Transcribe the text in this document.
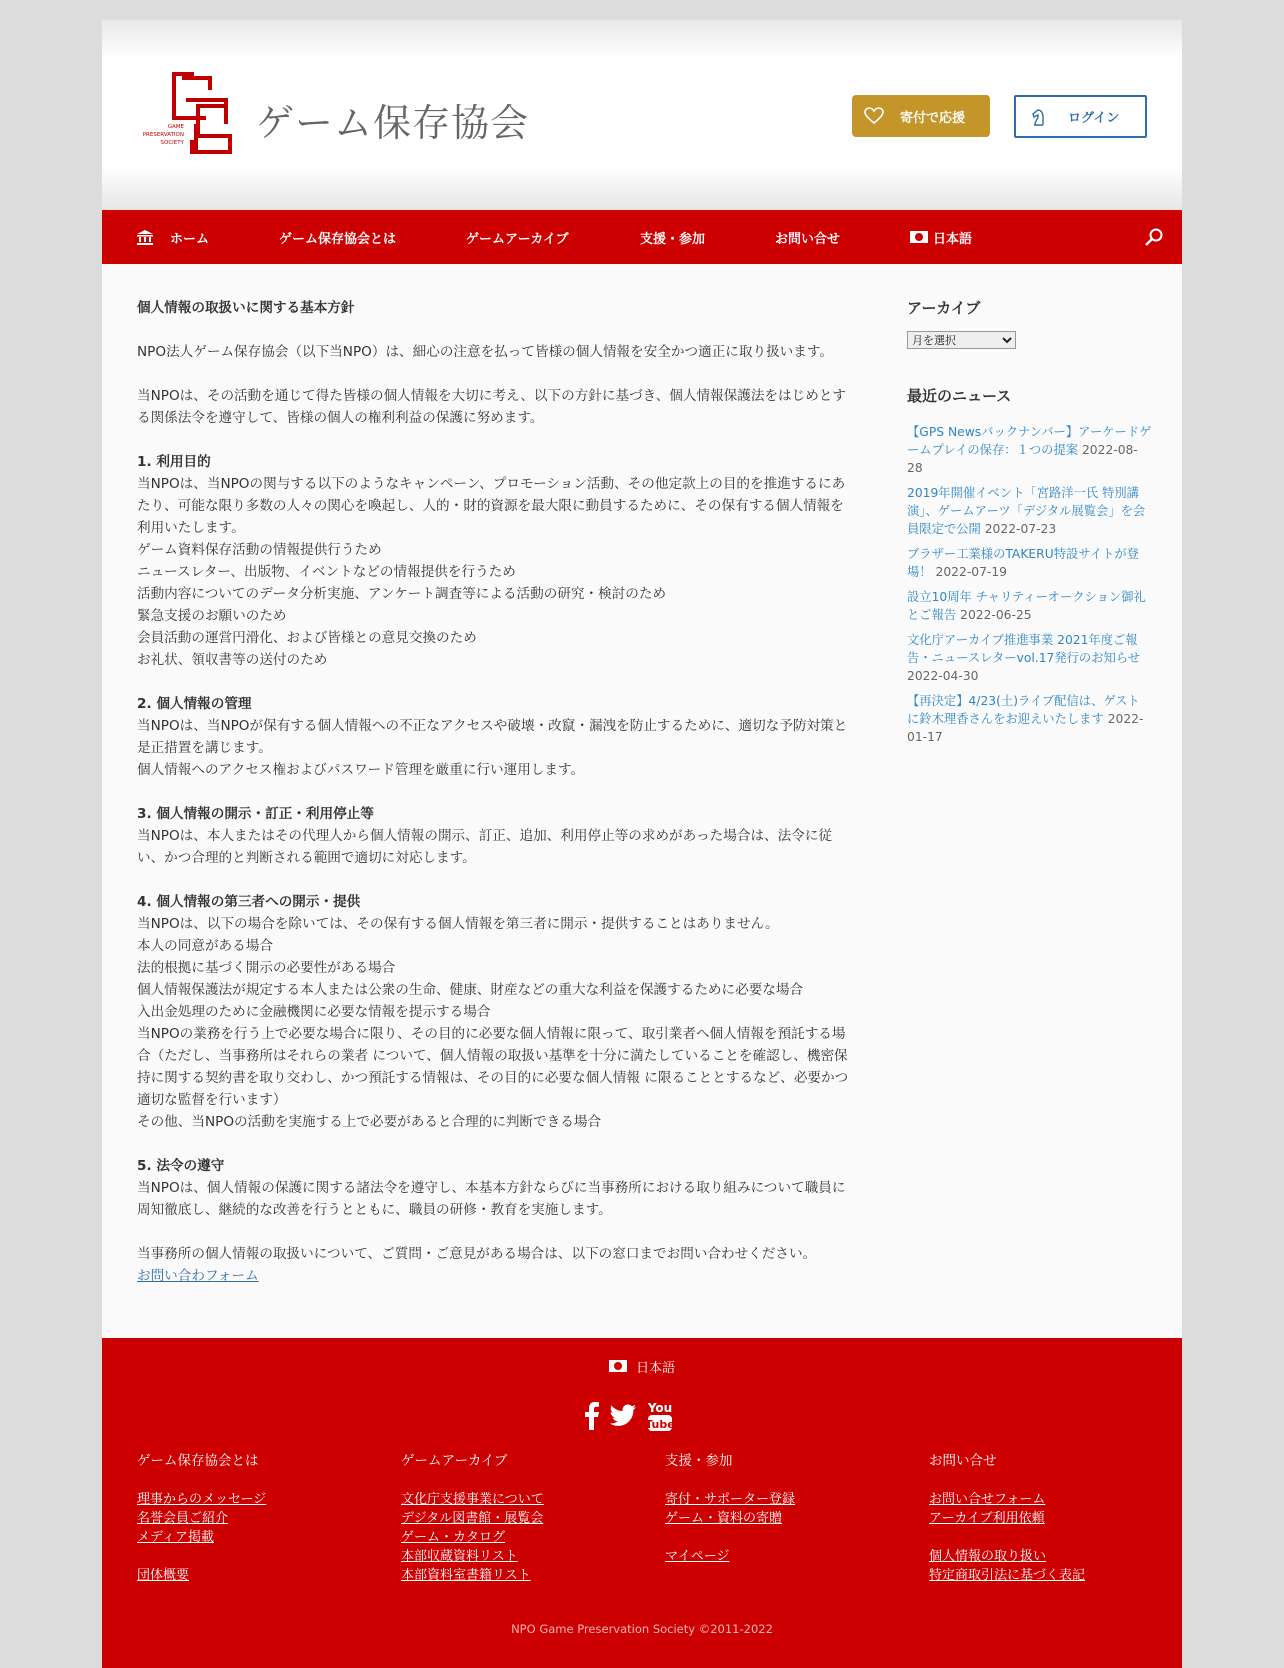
GAME
PRESERVATION
SOCIETY ゲーム保存協会	寄付で応援	ログイン
ホーム	ゲーム保存協会とは	ゲームアーカイブ	支援・参加	お問い合せ	日本語

個人情報の取扱いに関する基本方針

NPO法人ゲーム保存協会（以下当NPO）は、細心の注意を払って皆様の個人情報を安全かつ適正に取り扱います。

当NPOは、その活動を通じて得た皆様の個人情報を大切に考え、以下の方針に基づき、個人情報保護法をはじめとする関係法令を遵守して、皆様の個人の権利利益の保護に努めます。

1. 利用目的

当NPOは、当NPOの関与する以下のようなキャンペーン、プロモーション活動、その他定款上の目的を推進するにあたり、可能な限り多数の人々の関心を喚起し、人的・財的資源を最大限に動員するために、その保有する個人情報を利用いたします。

ゲーム資料保存活動の情報提供行うため

ニュースレター、出版物、イベントなどの情報提供を行うため

活動内容についてのデータ分析実施、アンケート調査等による活動の研究・検討のため

緊急支援のお願いのため

会員活動の運営円滑化、および皆様との意見交換のため

お礼状、領収書等の送付のため

2. 個人情報の管理

当NPOは、当NPOが保有する個人情報への不正なアクセスや破壊・改竄・漏洩を防止するために、適切な予防対策と是正措置を講じます。

個人情報へのアクセス権およびパスワード管理を厳重に行い運用します。

3. 個人情報の開示・訂正・利用停止等

当NPOは、本人またはその代理人から個人情報の開示、訂正、追加、利用停止等の求めがあった場合は、法令に従い、かつ合理的と判断される範囲で適切に対応します。

4. 個人情報の第三者への開示・提供

当NPOは、以下の場合を除いては、その保有する個人情報を第三者に開示・提供することはありません。

本人の同意がある場合

法的根拠に基づく開示の必要性がある場合

個人情報保護法が規定する本人または公衆の生命、健康、財産などの重大な利益を保護するために必要な場合

入出金処理のために金融機関に必要な情報を提示する場合

当NPOの業務を行う上で必要な場合に限り、その目的に必要な個人情報に限って、取引業者へ個人情報を預託する場合（ただし、当事務所はそれらの業者 について、個人情報の取扱い基準を十分に満たしていることを確認し、機密保持に関する契約書を取り交わし、かつ預託する情報は、その目的に必要な個人情報 に限ることとするなど、必要かつ適切な監督を行います）

その他、当NPOの活動を実施する上で必要があると合理的に判断できる場合

5. 法令の遵守

当NPOは、個人情報の保護に関する諸法令を遵守し、本基本方針ならびに当事務所における取り組みについて職員に周知徹底し、継続的な改善を行うとともに、職員の研修・教育を実施します。

当事務所の個人情報の取扱いについて、ご質問・ご意見がある場合は、以下の窓口までお問い合わせください。

お問い合わフォーム

アーカイブ
月を選択
最近のニュース
【GPS Newsバックナンバー】アーケードゲームプレイの保存：１つの提案 2022-08-28
2019年開催イベント「宮路洋一氏 特別講演」、ゲームアーツ「デジタル展覧会」を会員限定で公開 2022-07-23
ブラザー工業様のTAKERU特設サイトが登場！ 2022-07-19
設立10周年 チャリティーオークション御礼とご報告 2022-06-25
文化庁アーカイブ推進事業 2021年度ご報告・ニュースレターvol.17発行のお知らせ 2022-04-30
【再決定】4/23(土)ライブ配信は、ゲストに鈴木理香さんをお迎えいたします 2022-01-17
日本語
You
Tube
ゲーム保存協会とは
理事からのメッセージ
名誉会員ご紹介
メディア掲載
団体概要
ゲームアーカイブ
文化庁支援事業について
デジタル図書館・展覧会
ゲーム・カタログ
本部収蔵資料リスト
本部資料室書籍リスト
支援・参加
寄付・サポーター登録
ゲーム・資料の寄贈
マイページ
お問い合せ
お問い合せフォーム
アーカイブ利用依頼
個人情報の取り扱い
特定商取引法に基づく表記
NPO Game Preservation Society ©2011-2022
